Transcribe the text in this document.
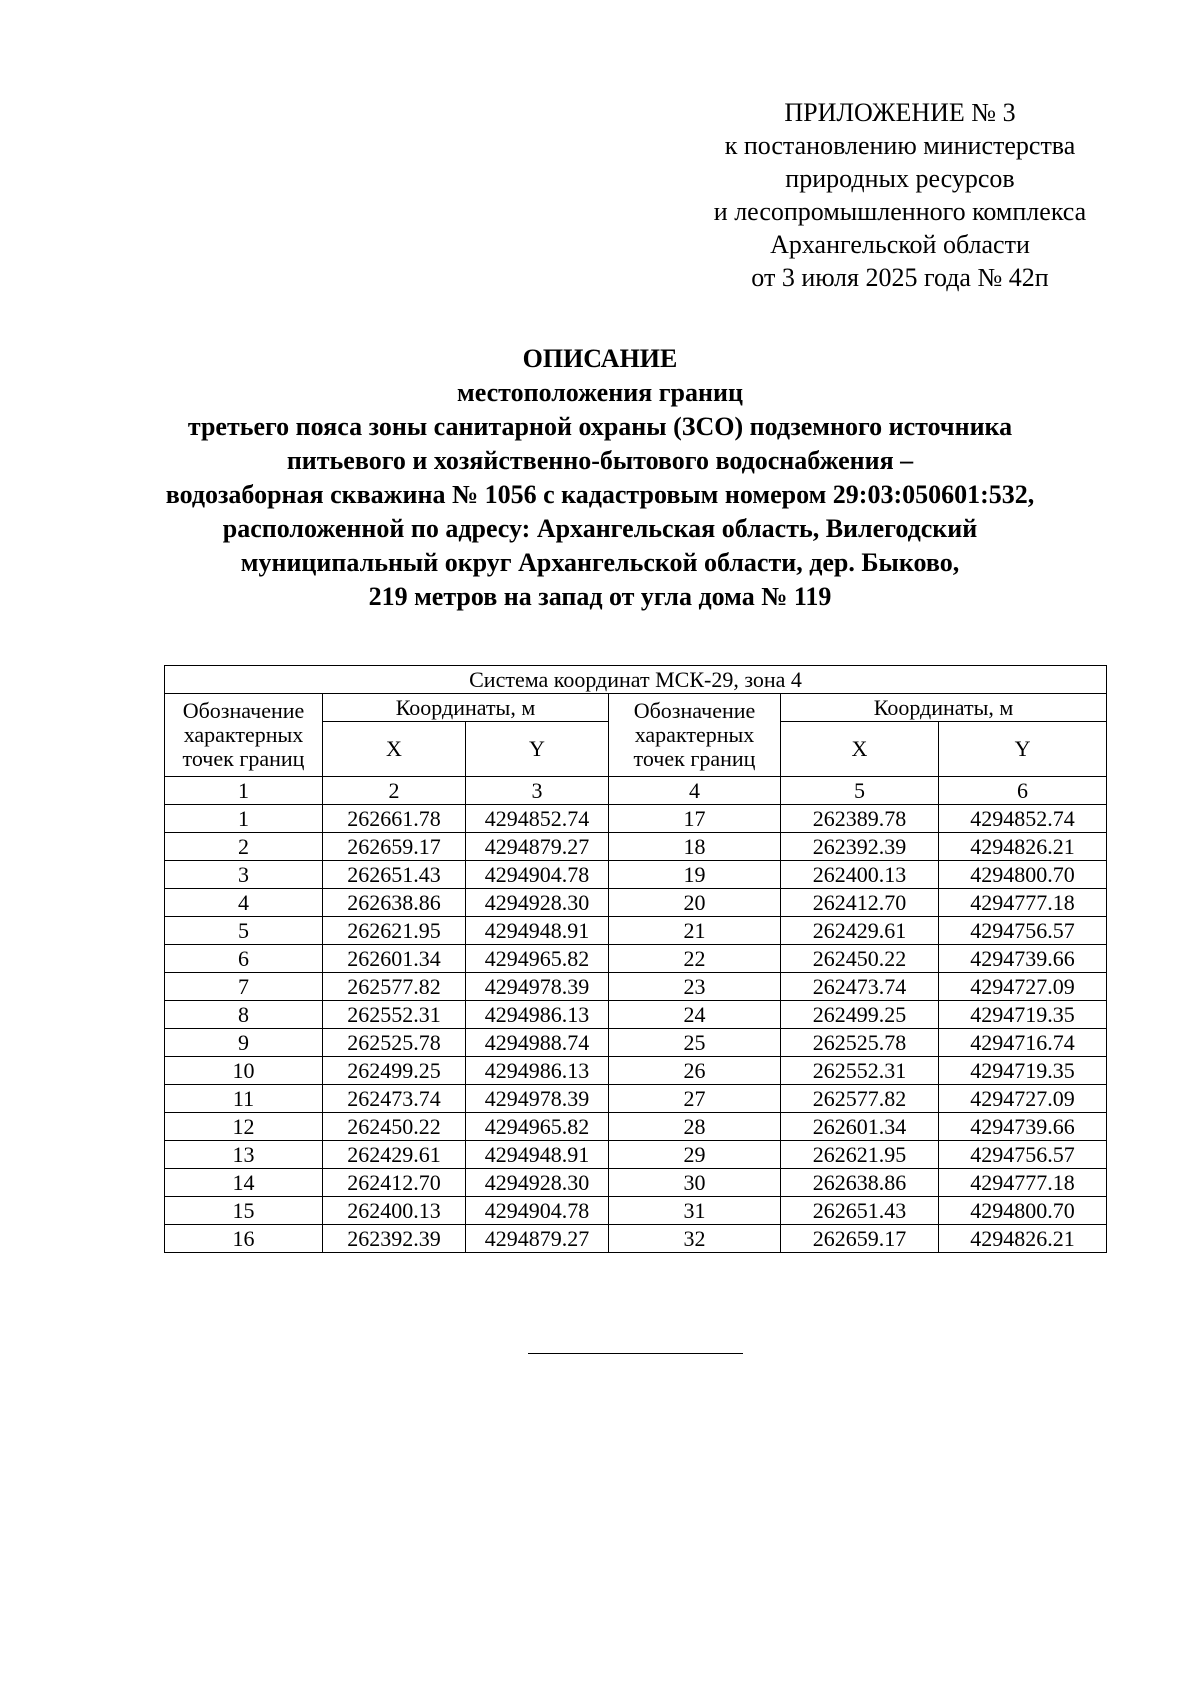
ПРИЛОЖЕНИЕ № 3
к постановлению министерства
природных ресурсов
и лесопромышленного комплекса
Архангельской области
от 3 июля 2025 года № 42п
ОПИСАНИЕ
местоположения границ
третьего пояса зоны санитарной охраны (ЗСО) подземного источника
питьевого и хозяйственно-бытового водоснабжения –
водозаборная скважина № 1056 с кадастровым номером 29:03:050601:532,
расположенной по адресу: Архангельская область, Вилегодский
муниципальный округ Архангельской области, дер. Быково,
219 метров на запад от угла дома № 119
Система координат МСК-29, зона 4					
Обозначение
характерных
точек границ	Координаты, м		Обозначение
характерных
точек границ	Координаты, м	
	X	Y		X	Y
1	2	3	4	5	6
1	262661.78	4294852.74	17	262389.78	4294852.74
2	262659.17	4294879.27	18	262392.39	4294826.21
3	262651.43	4294904.78	19	262400.13	4294800.70
4	262638.86	4294928.30	20	262412.70	4294777.18
5	262621.95	4294948.91	21	262429.61	4294756.57
6	262601.34	4294965.82	22	262450.22	4294739.66
7	262577.82	4294978.39	23	262473.74	4294727.09
8	262552.31	4294986.13	24	262499.25	4294719.35
9	262525.78	4294988.74	25	262525.78	4294716.74
10	262499.25	4294986.13	26	262552.31	4294719.35
11	262473.74	4294978.39	27	262577.82	4294727.09
12	262450.22	4294965.82	28	262601.34	4294739.66
13	262429.61	4294948.91	29	262621.95	4294756.57
14	262412.70	4294928.30	30	262638.86	4294777.18
15	262400.13	4294904.78	31	262651.43	4294800.70
16	262392.39	4294879.27	32	262659.17	4294826.21
